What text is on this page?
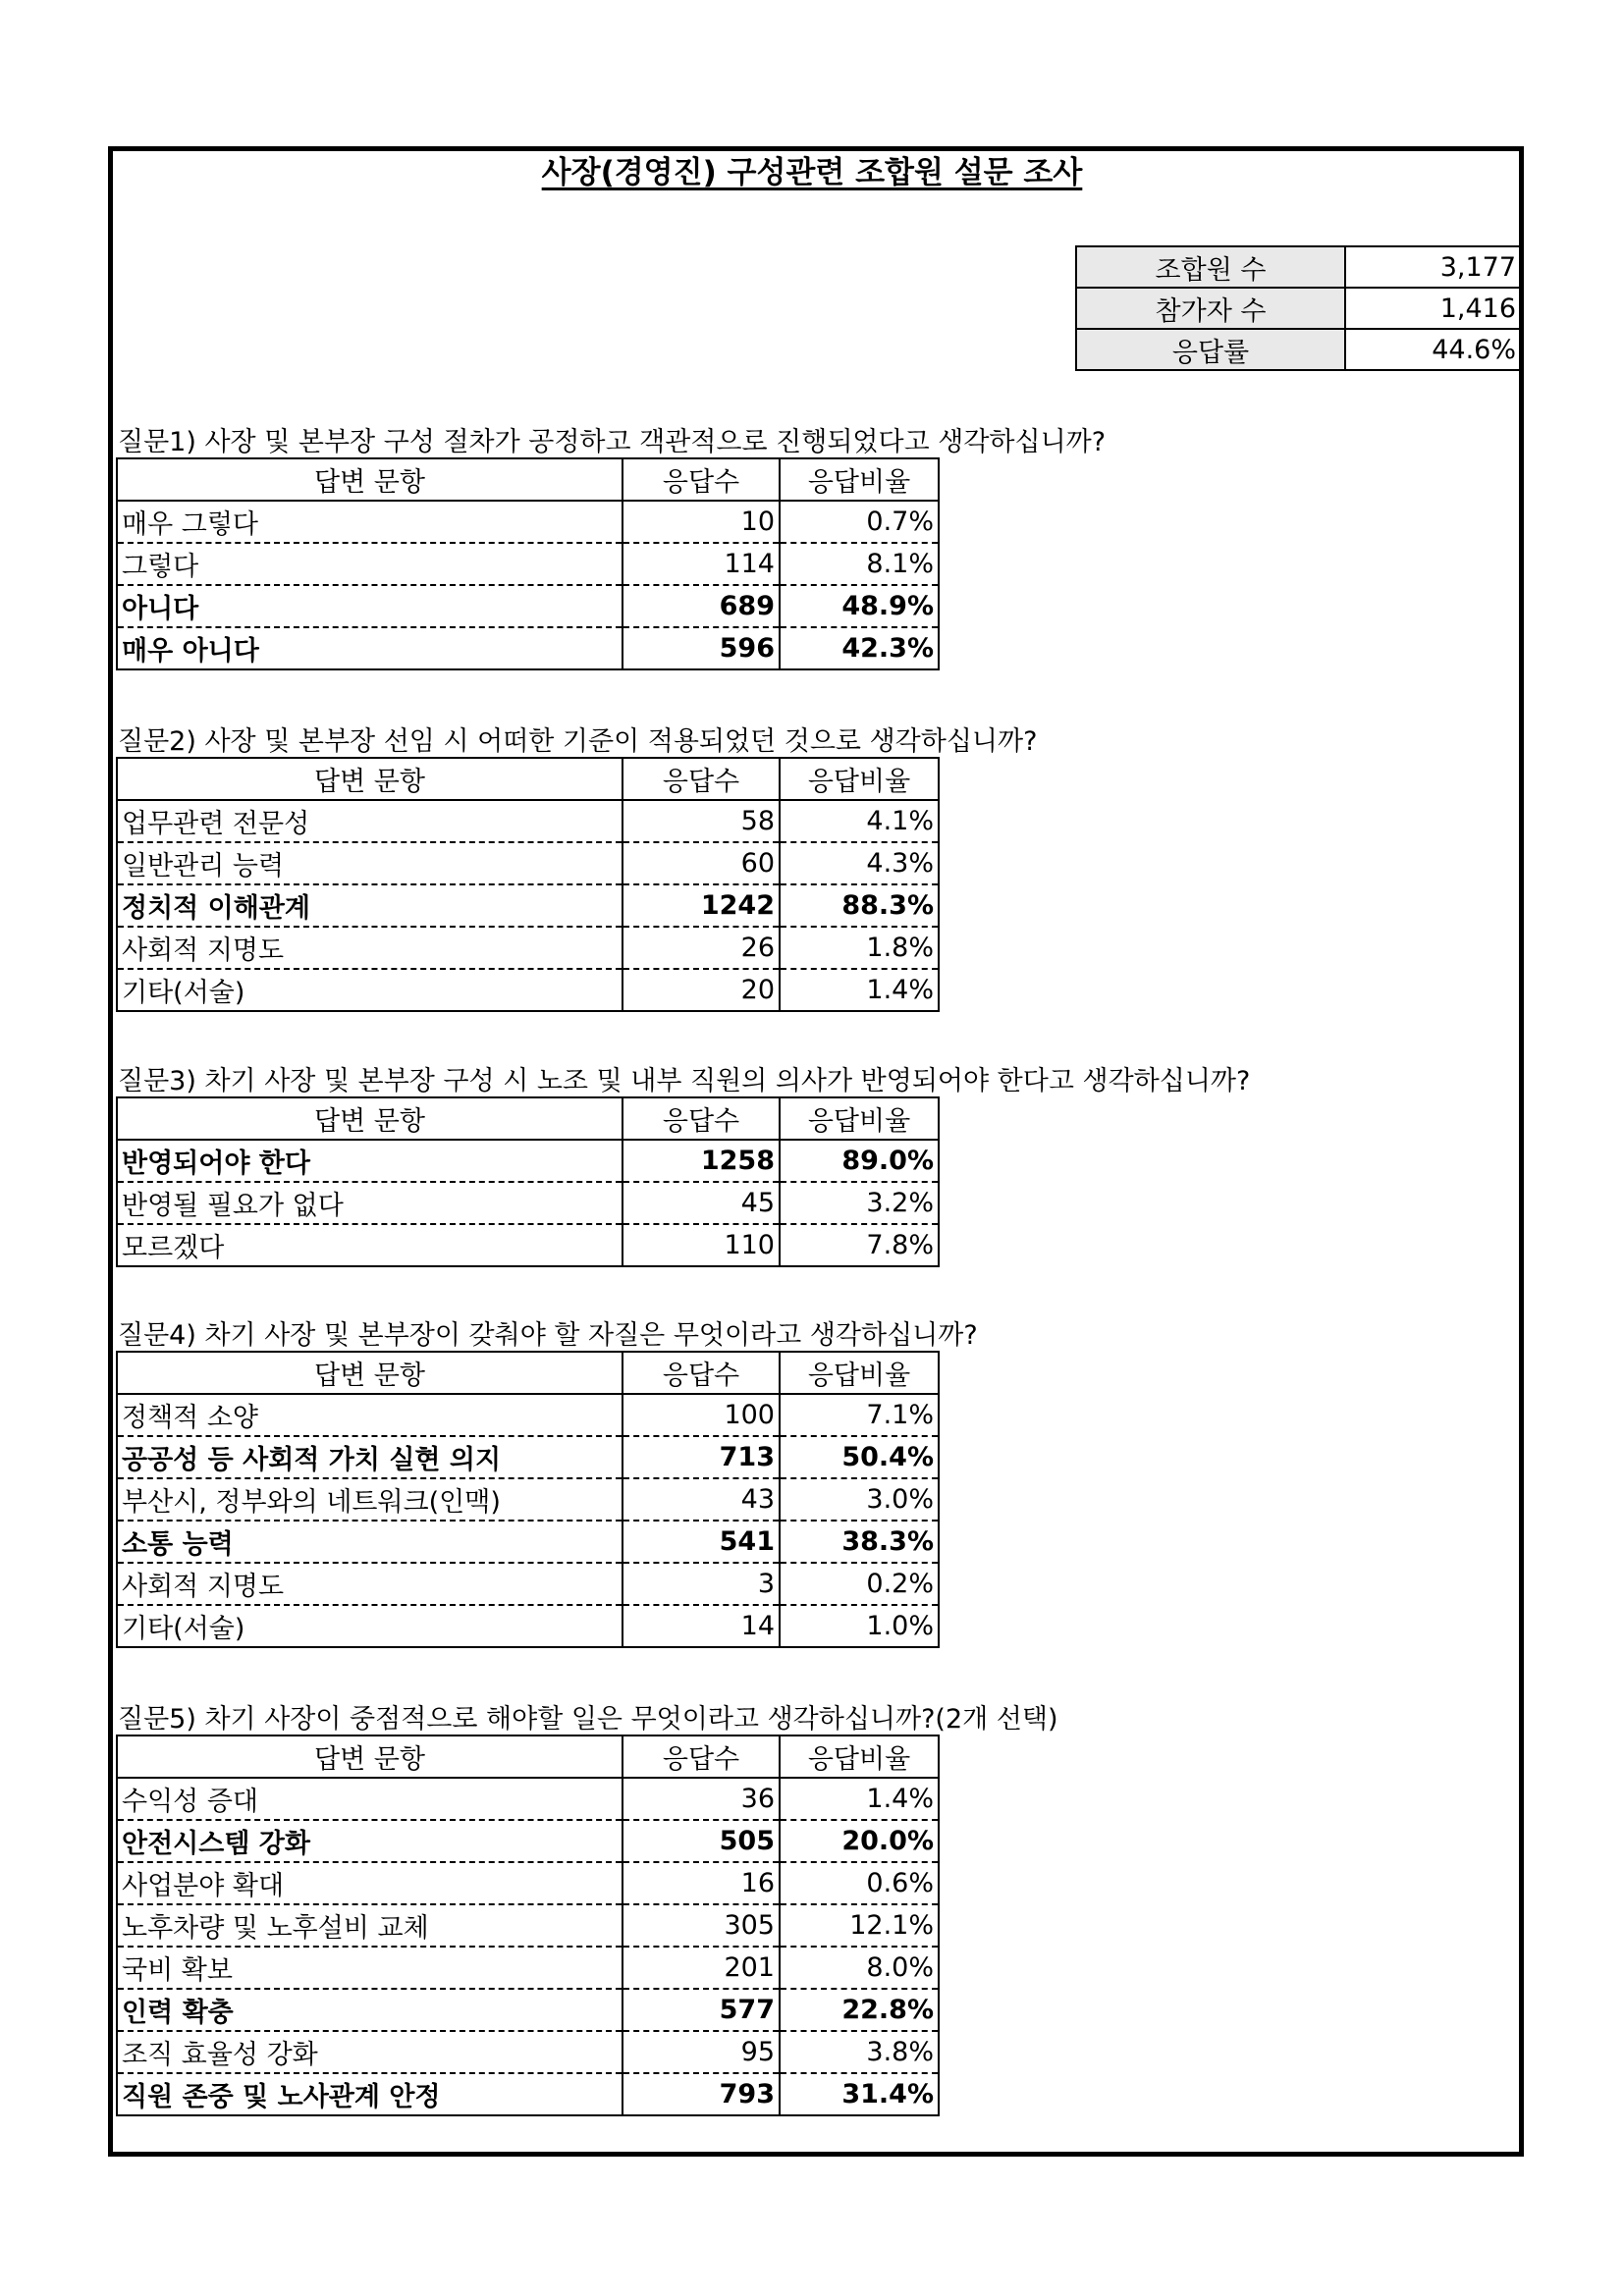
사장(경영진) 구성관련 조합원 설문 조사
조합원 수	3,177
참가자 수	1,416
응답률	44.6%
질문1) 사장 및 본부장 구성 절차가 공정하고 객관적으로 진행되었다고 생각하십니까?
답변 문항	응답수	응답비율
매우 그렇다	10	0.7%
그렇다	114	8.1%
아니다	689	48.9%
매우 아니다	596	42.3%
질문2) 사장 및 본부장 선임 시 어떠한 기준이 적용되었던 것으로 생각하십니까?
답변 문항	응답수	응답비율
업무관련 전문성	58	4.1%
일반관리 능력	60	4.3%
정치적 이해관계	1242	88.3%
사회적 지명도	26	1.8%
기타(서술)	20	1.4%
질문3) 차기 사장 및 본부장 구성 시 노조 및 내부 직원의 의사가 반영되어야 한다고 생각하십니까?
답변 문항	응답수	응답비율
반영되어야 한다	1258	89.0%
반영될 필요가 없다	45	3.2%
모르겠다	110	7.8%
질문4) 차기 사장 및 본부장이 갖춰야 할 자질은 무엇이라고 생각하십니까?
답변 문항	응답수	응답비율
정책적 소양	100	7.1%
공공성 등 사회적 가치 실현 의지	713	50.4%
부산시, 정부와의 네트워크(인맥)	43	3.0%
소통 능력	541	38.3%
사회적 지명도	3	0.2%
기타(서술)	14	1.0%
질문5) 차기 사장이 중점적으로 해야할 일은 무엇이라고 생각하십니까?(2개 선택)
답변 문항	응답수	응답비율
수익성 증대	36	1.4%
안전시스템 강화	505	20.0%
사업분야 확대	16	0.6%
노후차량 및 노후설비 교체	305	12.1%
국비 확보	201	8.0%
인력 확충	577	22.8%
조직 효율성 강화	95	3.8%
직원 존중 및 노사관계 안정	793	31.4%
